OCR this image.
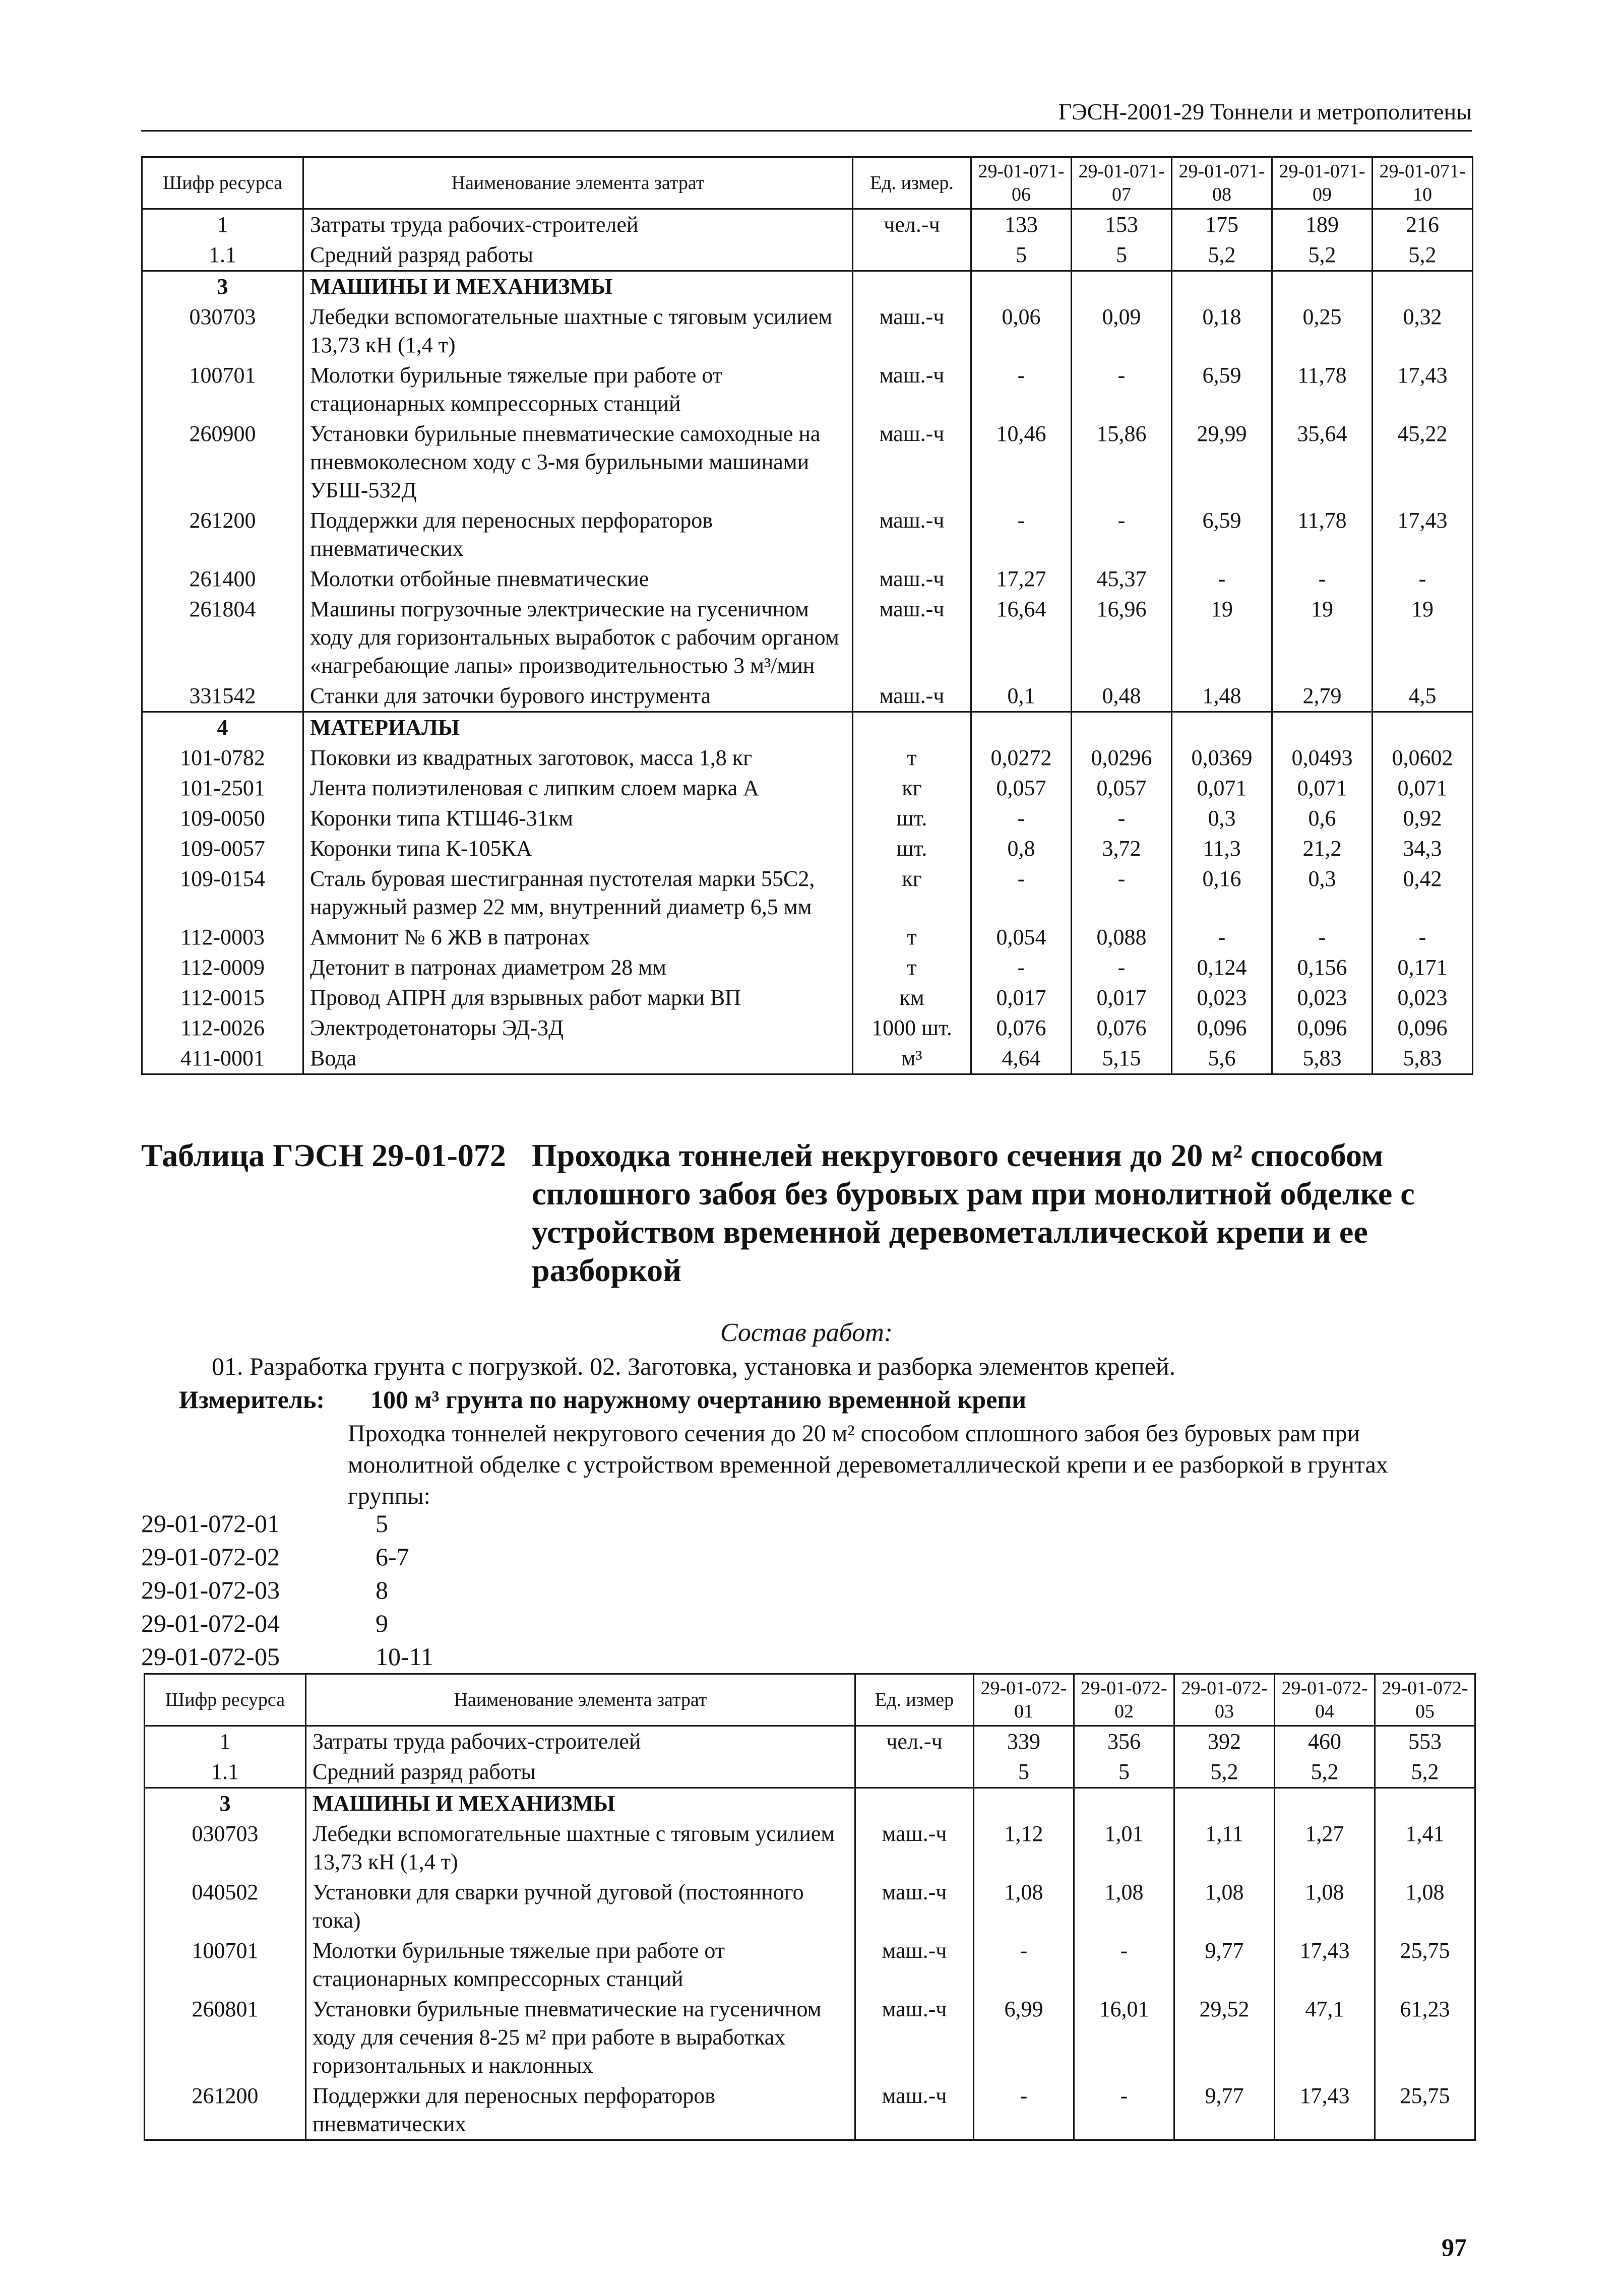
ГЭСН-2001-29 Тоннели и метрополитены
Шифр ресурса	Наименование элемента затрат	Ед. измер.	29-01-071-06	29-01-071-07	29-01-071-08	29-01-071-09	29-01-071-10
1	Затраты труда рабочих-строителей	чел.-ч	133	153	175	189	216
1.1	Средний разряд работы		5	5	5,2	5,2	5,2
3	МАШИНЫ И МЕХАНИЗМЫ						
030703	Лебедки вспомогательные шахтные с тяговым усилием 13,73 кН (1,4 т)	маш.-ч	0,06	0,09	0,18	0,25	0,32
100701	Молотки бурильные тяжелые при работе от стационарных компрессорных станций	маш.-ч	-	-	6,59	11,78	17,43
260900	Установки бурильные пневматические самоходные на пневмоколесном ходу с 3-мя бурильными машинами УБШ-532Д	маш.-ч	10,46	15,86	29,99	35,64	45,22
261200	Поддержки для переносных перфораторов пневматических	маш.-ч	-	-	6,59	11,78	17,43
261400	Молотки отбойные пневматические	маш.-ч	17,27	45,37	-	-	-
261804	Машины погрузочные электрические на гусеничном ходу для горизонтальных выработок с рабочим органом «нагребающие лапы» производительностью 3 м³/мин	маш.-ч	16,64	16,96	19	19	19
331542	Станки для заточки бурового инструмента	маш.-ч	0,1	0,48	1,48	2,79	4,5
4	МАТЕРИАЛЫ						
101-0782	Поковки из квадратных заготовок, масса 1,8 кг	т	0,0272	0,0296	0,0369	0,0493	0,0602
101-2501	Лента полиэтиленовая с липким слоем марка А	кг	0,057	0,057	0,071	0,071	0,071
109-0050	Коронки типа КТШ46-31км	шт.	-	-	0,3	0,6	0,92
109-0057	Коронки типа К-105КА	шт.	0,8	3,72	11,3	21,2	34,3
109-0154	Сталь буровая шестигранная пустотелая марки 55С2, наружный размер 22 мм, внутренний диаметр 6,5 мм	кг	-	-	0,16	0,3	0,42
112-0003	Аммонит № 6 ЖВ в патронах	т	0,054	0,088	-	-	-
112-0009	Детонит в патронах диаметром 28 мм	т	-	-	0,124	0,156	0,171
112-0015	Провод АПРН для взрывных работ марки ВП	км	0,017	0,017	0,023	0,023	0,023
112-0026	Электродетонаторы ЭД-3Д	1000 шт.	0,076	0,076	0,096	0,096	0,096
411-0001	Вода	м³	4,64	5,15	5,6	5,83	5,83
Таблица ГЭСН 29-01-072 Проходка тоннелей некругового сечения до 20 м² способом сплошного забоя без буровых рам при монолитной обделке с устройством временной деревометаллической крепи и ее разборкой
Состав работ:
01. Разработка грунта с погрузкой. 02. Заготовка, установка и разборка элементов крепей.
Измеритель: 100 м³ грунта по наружному очертанию временной крепи
Проходка тоннелей некругового сечения до 20 м² способом сплошного забоя без буровых рам при монолитной обделке с устройством временной деревометаллической крепи и ее разборкой в грунтах группы:
29-01-072-01	5
29-01-072-02	6-7
29-01-072-03	8
29-01-072-04	9
29-01-072-05	10-11
Шифр ресурса	Наименование элемента затрат	Ед. измер	29-01-072-01	29-01-072-02	29-01-072-03	29-01-072-04	29-01-072-05
1	Затраты труда рабочих-строителей	чел.-ч	339	356	392	460	553
1.1	Средний разряд работы		5	5	5,2	5,2	5,2
3	МАШИНЫ И МЕХАНИЗМЫ						
030703	Лебедки вспомогательные шахтные с тяговым усилием 13,73 кН (1,4 т)	маш.-ч	1,12	1,01	1,11	1,27	1,41
040502	Установки для сварки ручной дуговой (постоянного тока)	маш.-ч	1,08	1,08	1,08	1,08	1,08
100701	Молотки бурильные тяжелые при работе от стационарных компрессорных станций	маш.-ч	-	-	9,77	17,43	25,75
260801	Установки бурильные пневматические на гусеничном ходу для сечения 8-25 м² при работе в выработках горизонтальных и наклонных	маш.-ч	6,99	16,01	29,52	47,1	61,23
261200	Поддержки для переносных перфораторов пневматических	маш.-ч	-	-	9,77	17,43	25,75
97
